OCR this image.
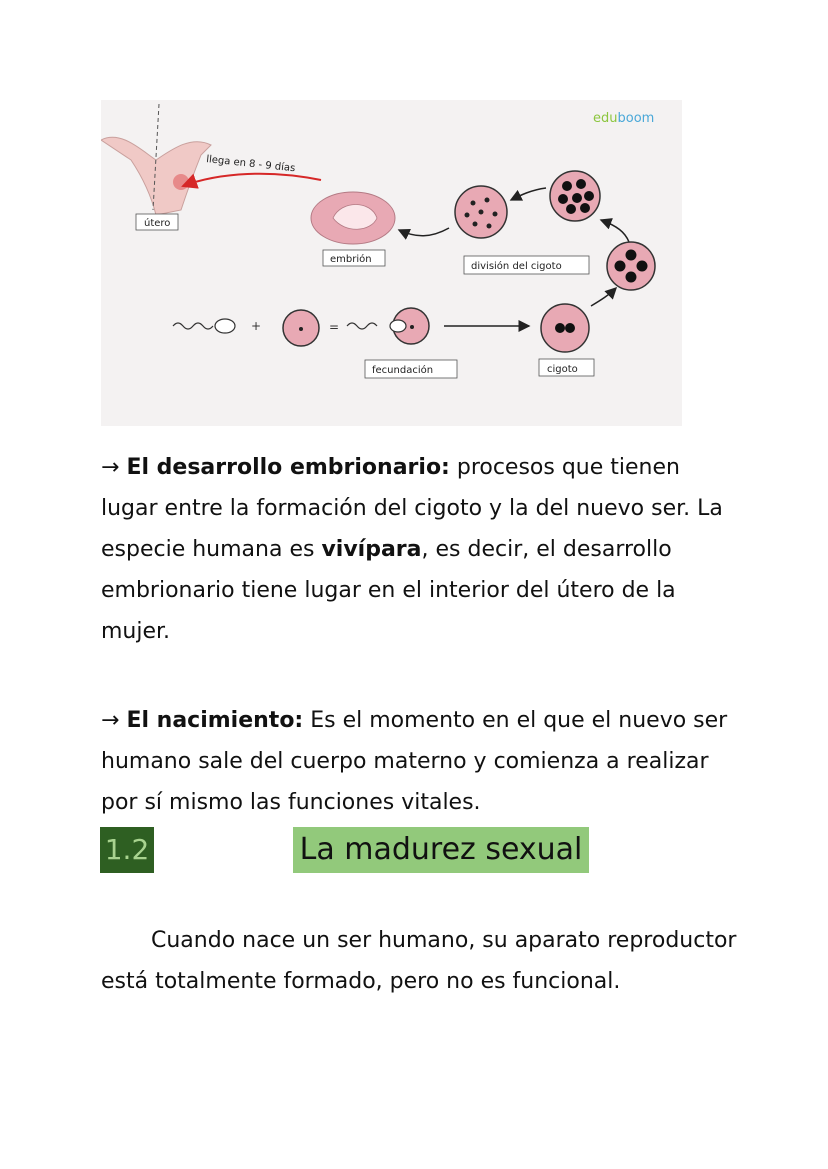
eduboom
llega en 8 - 9 días
útero
embrión
división del cigoto
+	=
fecundación	cigoto

→ El desarrollo embrionario: procesos que tienen lugar entre la formación del cigoto y la del nuevo ser. La especie humana es vivípara, es decir, el desarrollo embrionario tiene lugar en el interior del útero de la mujer.

→ El nacimiento: Es el momento en el que el nuevo ser humano sale del cuerpo materno y comienza a realizar por sí mismo las funciones vitales.

1.2	La madurez sexual

Cuando nace un ser humano, su aparato reproductor está totalmente formado, pero no es funcional.
